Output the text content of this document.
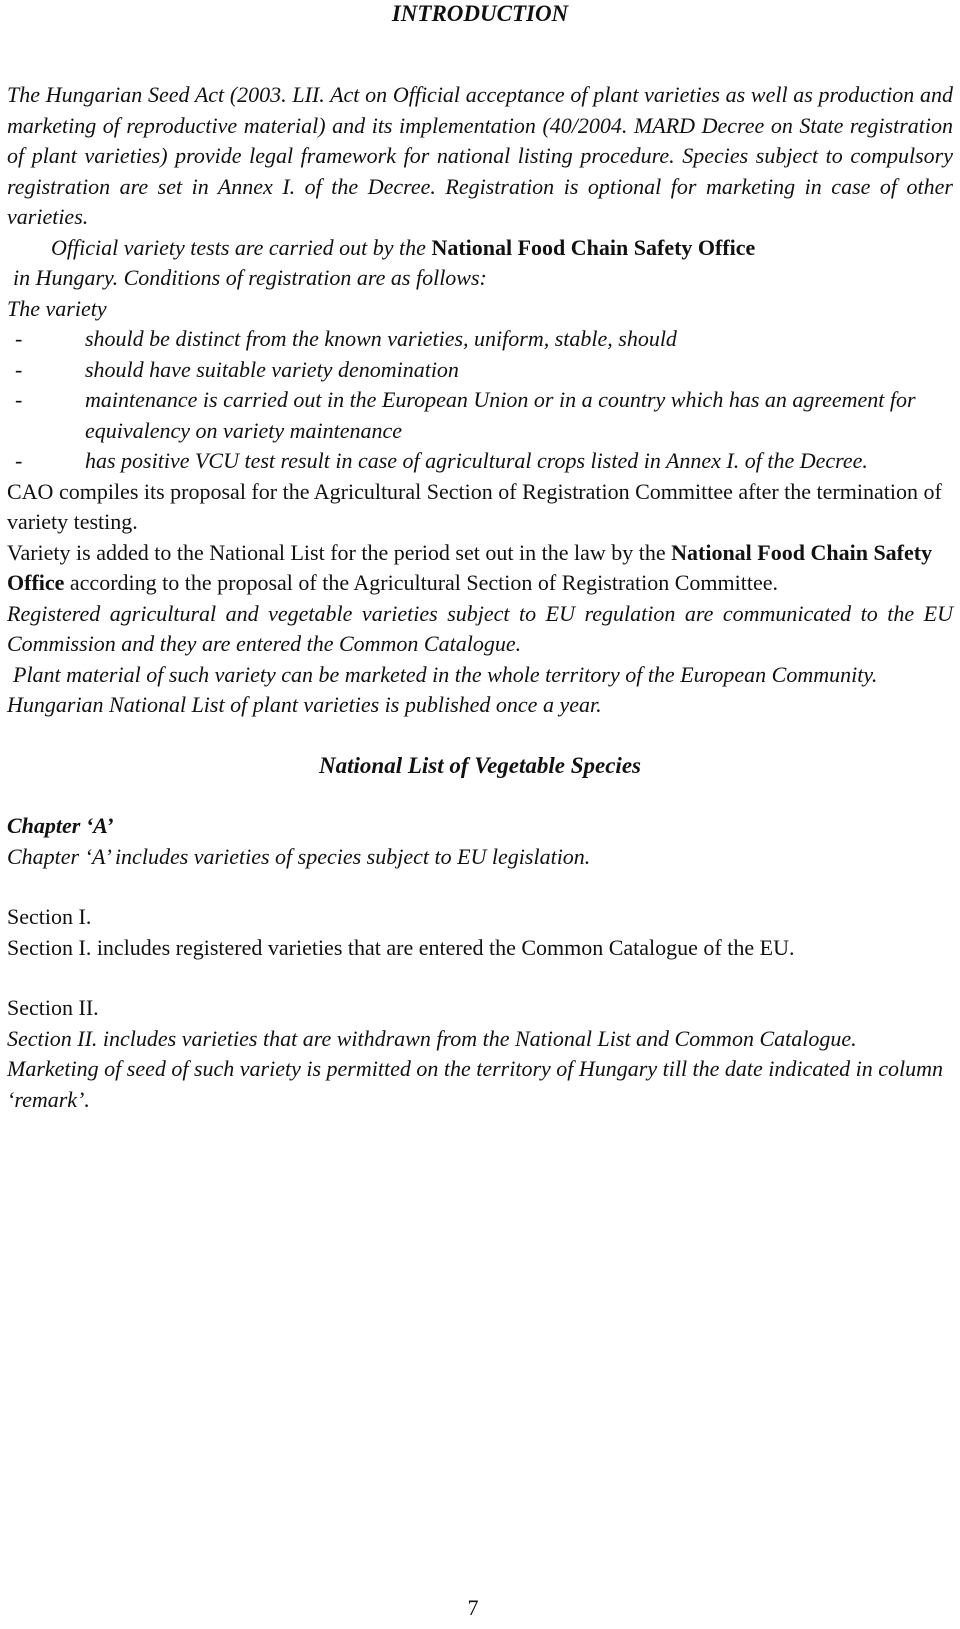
INTRODUCTION

The Hungarian Seed Act (2003. LII. Act on Official acceptance of plant varieties as well as production and marketing of reproductive material) and its implementation (40/2004. MARD Decree on State registration of plant varieties) provide legal framework for national listing procedure. Species subject to compulsory registration are set in Annex I. of the Decree. Registration is optional for marketing in case of other varieties.

Official variety tests are carried out by the National Food Chain Safety Office

in Hungary. Conditions of registration are as follows:

The variety

-	should be distinct from the known varieties, uniform, stable, should
-	should have suitable variety denomination
-	maintenance is carried out in the European Union or in a country which has an agreement for equivalency on variety maintenance
-	has positive VCU test result in case of agricultural crops listed in Annex I. of the Decree.

CAO compiles its proposal for the Agricultural Section of Registration Committee after the termination of variety testing.

Variety is added to the National List for the period set out in the law by the National Food Chain Safety Office according to the proposal of the Agricultural Section of Registration Committee.

Registered agricultural and vegetable varieties subject to EU regulation are communicated to the EU Commission and they are entered the Common Catalogue.

Plant material of such variety can be marketed in the whole territory of the European Community.

Hungarian National List of plant varieties is published once a year.

National List of Vegetable Species

Chapter ‘A’

Chapter ‘A’ includes varieties of species subject to EU legislation.

Section I.

Section I. includes registered varieties that are entered the Common Catalogue of the EU.

Section II.

Section II. includes varieties that are withdrawn from the National List and Common Catalogue. Marketing of seed of such variety is permitted on the territory of Hungary till the date indicated in column ‘remark’.

7
